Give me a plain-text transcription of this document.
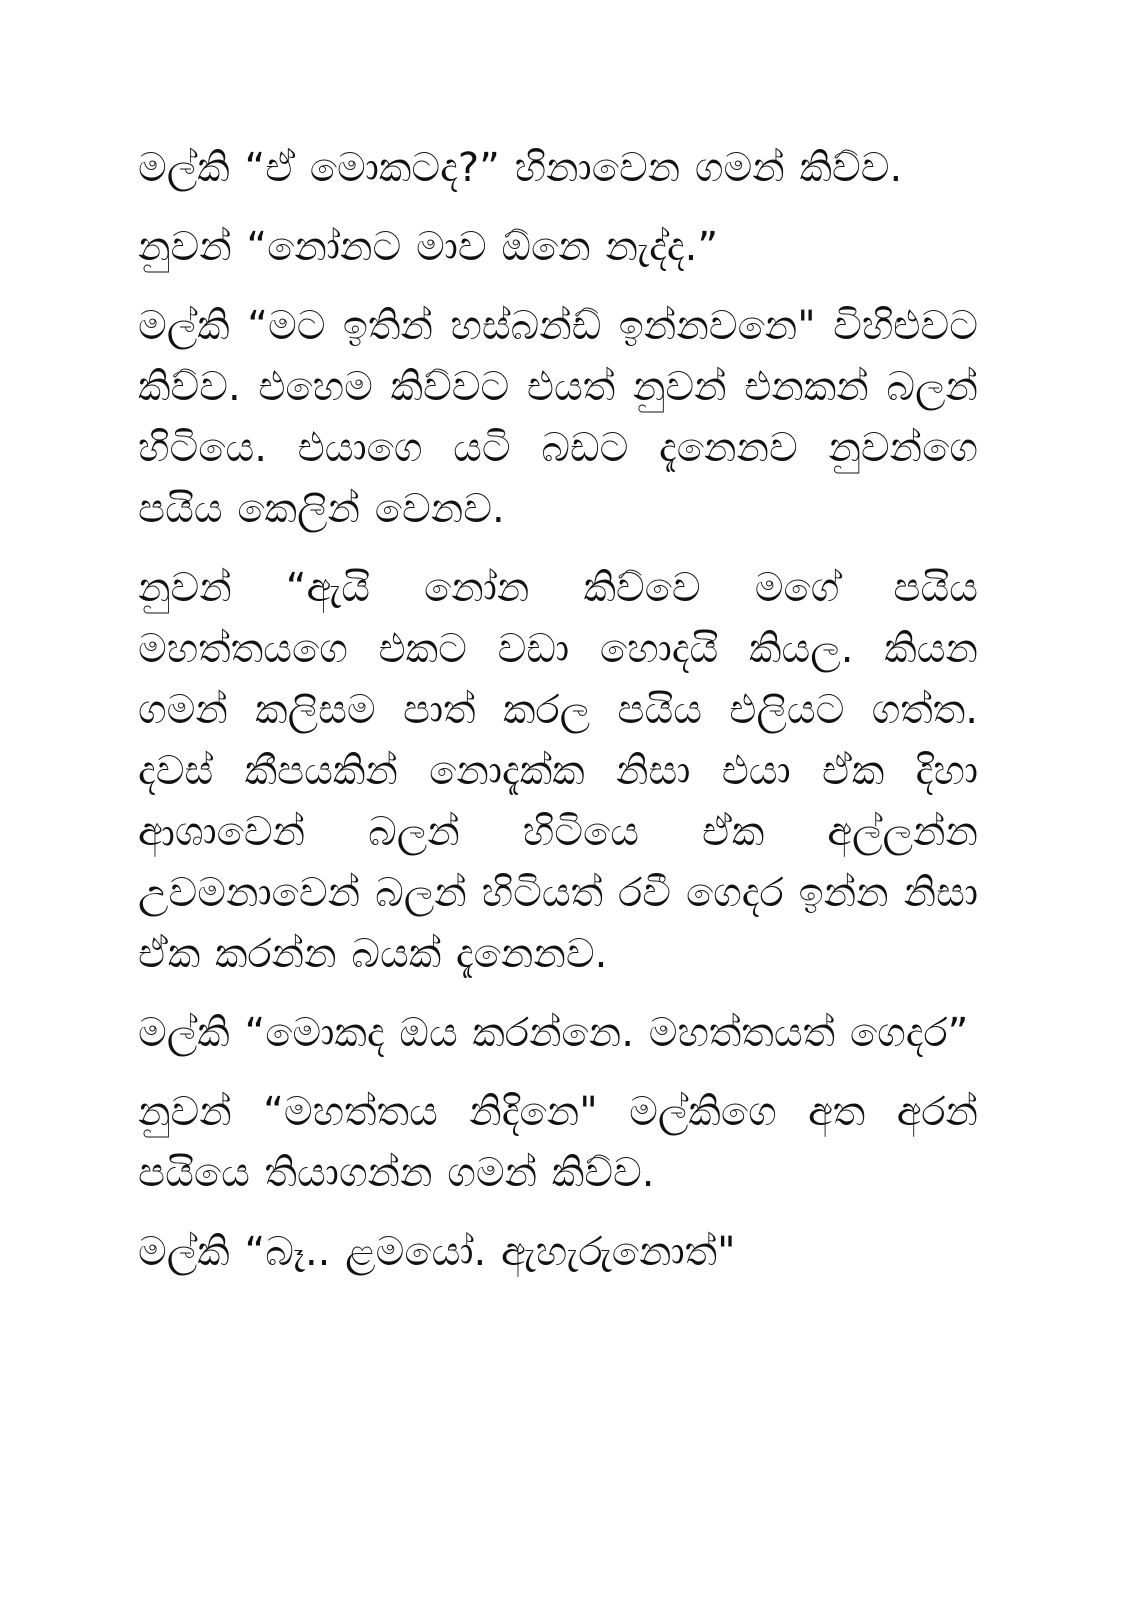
මල්කි “ඒ මොකටද?” හිනාවෙන ගමන් කිව්ව.

නුවන් “නෝනට මාව ඕනෙ නැද්ද.”

මල්කි “මට ඉතින් හස්බන්ඩ් ඉන්නවනෙ" විහිළුවට කිව්ව. එහෙම කිව්වට එයත් නුවන් එනකන් බලන් හිටියෙ. එයාගෙ යටි බඩට දැනෙනව නුවන්ගෙ පයිය කෙලින් වෙනව.

නුවන් “ඇයි නෝන කිව්වෙ මගේ පයිය මහත්තයගෙ එකට වඩා හොදයි කියල. කියන ගමන් කලිසම පාත් කරල පයිය එලියට ගත්ත. දවස් කීපයකින් නොදැක්ක නිසා එයා ඒක දිහා ආශාවෙන් බලන් හිටියෙ ඒක අල්ලන්න උවමනාවෙන් බලන් හිටියත් රවී ගෙදර ඉන්න නිසා ඒක කරන්න බයක් දැනෙනව.

මල්කි “මොකද ඔය කරන්නෙ. මහත්තයත් ගෙදර”

නුවන් “මහත්තය නිදිනෙ" මල්කිගෙ අත අරන් පයියෙ තියාගන්න ගමන් කිව්ව.

මල්කි “බෑ.. ළමයෝ. ඇහැරුනොත්"
